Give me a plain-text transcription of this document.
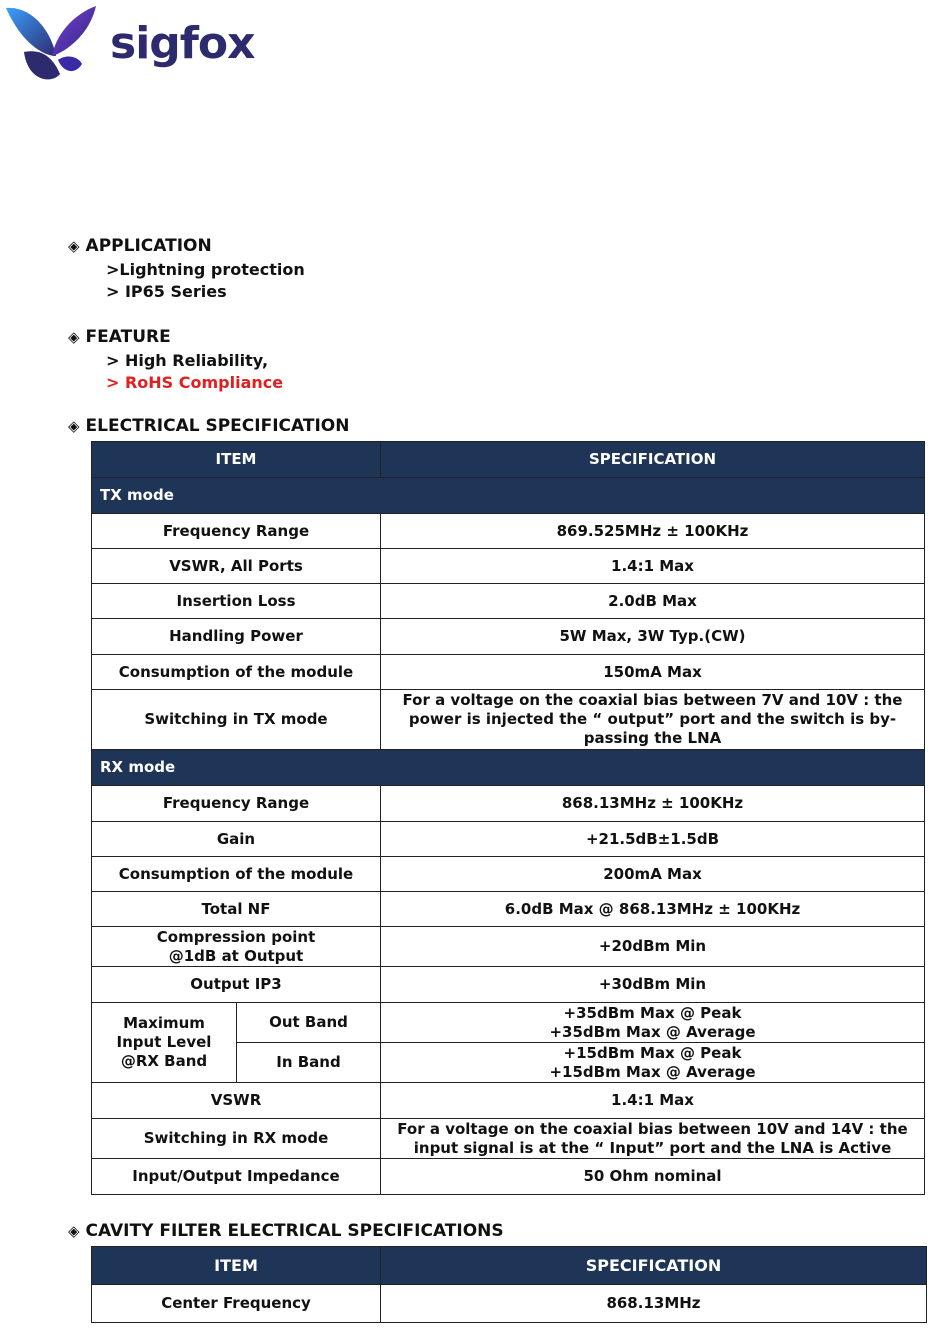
sigfox
◈ APPLICATION
>Lightning protection
> IP65 Series
◈ FEATURE
> High Reliability,
> RoHS Compliance
◈ ELECTRICAL SPECIFICATION
ITEM		SPECIFICATION
TX mode		
Frequency Range		869.525MHz ± 100KHz
VSWR, All Ports		1.4:1 Max
Insertion Loss		2.0dB Max
Handling Power		5W Max, 3W Typ.(CW)
Consumption of the module		150mA Max
Switching in TX mode		For a voltage on the coaxial bias between 7V and 10V : the power is injected the “ output” port and the switch is by-passing the LNA
RX mode		
Frequency Range		868.13MHz ± 100KHz
Gain		+21.5dB±1.5dB
Consumption of the module		200mA Max
Total NF		6.0dB Max @ 868.13MHz ± 100KHz
Compression point @1dB at Output		+20dBm Min
Output IP3		+30dBm Min
Maximum Input Level @RX Band	Out Band	+35dBm Max @ Peak
+35dBm Max @ Average

	In Band	+15dBm Max @ Peak
+15dBm Max @ Average

VSWR		1.4:1 Max
Switching in RX mode		For a voltage on the coaxial bias between 10V and 14V : the input signal is at the “ Input” port and the LNA is Active
Input/Output Impedance		50 Ohm nominal
◈ CAVITY FILTER ELECTRICAL SPECIFICATIONS
ITEM	SPECIFICATION
Center Frequency	868.13MHz
